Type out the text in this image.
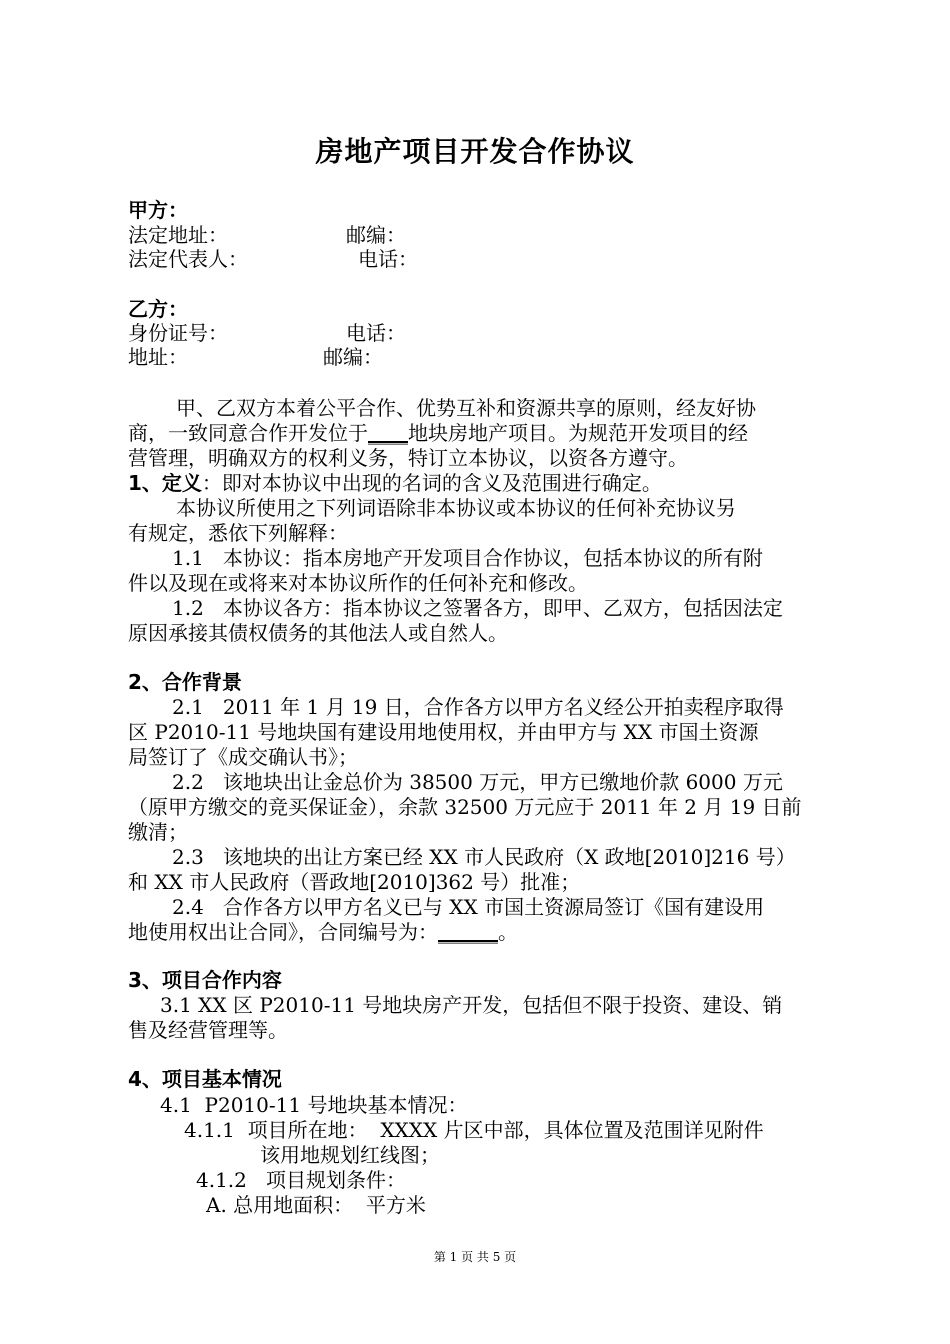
房地产项目开发合作协议
甲方：
法定地址：	邮编：
法定代表人：	电话：
乙方：
身份证号：	电话：
地址：	邮编：
甲、乙双方本着公平合作、优势互补和资源共享的原则，经友好协
商，一致同意合作开发位于____地块房地产项目。为规范开发项目的经
营管理，明确双方的权利义务，特订立本协议，以资各方遵守。
1、定义：即对本协议中出现的名词的含义及范围进行确定。
本协议所使用之下列词语除非本协议或本协议的任何补充协议另
有规定，悉依下列解释：
1.1   本协议：指本房地产开发项目合作协议，包括本协议的所有附
件以及现在或将来对本协议所作的任何补充和修改。
1.2   本协议各方：指本协议之签署各方，即甲、乙双方，包括因法定
原因承接其债权债务的其他法人或自然人。
2、合作背景
2.1   2011 年 1 月 19 日，合作各方以甲方名义经公开拍卖程序取得
区 P2010-11 号地块国有建设用地使用权，并由甲方与 XX 市国土资源
局签订了《成交确认书》；
2.2   该地块出让金总价为 38500 万元，甲方已缴地价款 6000 万元
（原甲方缴交的竞买保证金），余款 32500 万元应于 2011 年 2 月 19 日前
缴清；
2.3   该地块的出让方案已经 XX 市人民政府（X 政地[2010]216 号）
和 XX 市人民政府（晋政地[2010]362 号）批准；
2.4   合作各方以甲方名义已与 XX 市国土资源局签订《国有建设用
地使用权出让合同》，合同编号为：______。
3、项目合作内容
3.1 XX 区 P2010-11 号地块房产开发，包括但不限于投资、建设、销
售及经营管理等。
4、项目基本情况
4.1  P2010-11 号地块基本情况：
4.1.1  项目所在地：  XXXX 片区中部，具体位置及范围详见附件
该用地规划红线图；
4.1.2   项目规划条件：
A. 总用地面积：  平方米
第 1 页 共 5 页
